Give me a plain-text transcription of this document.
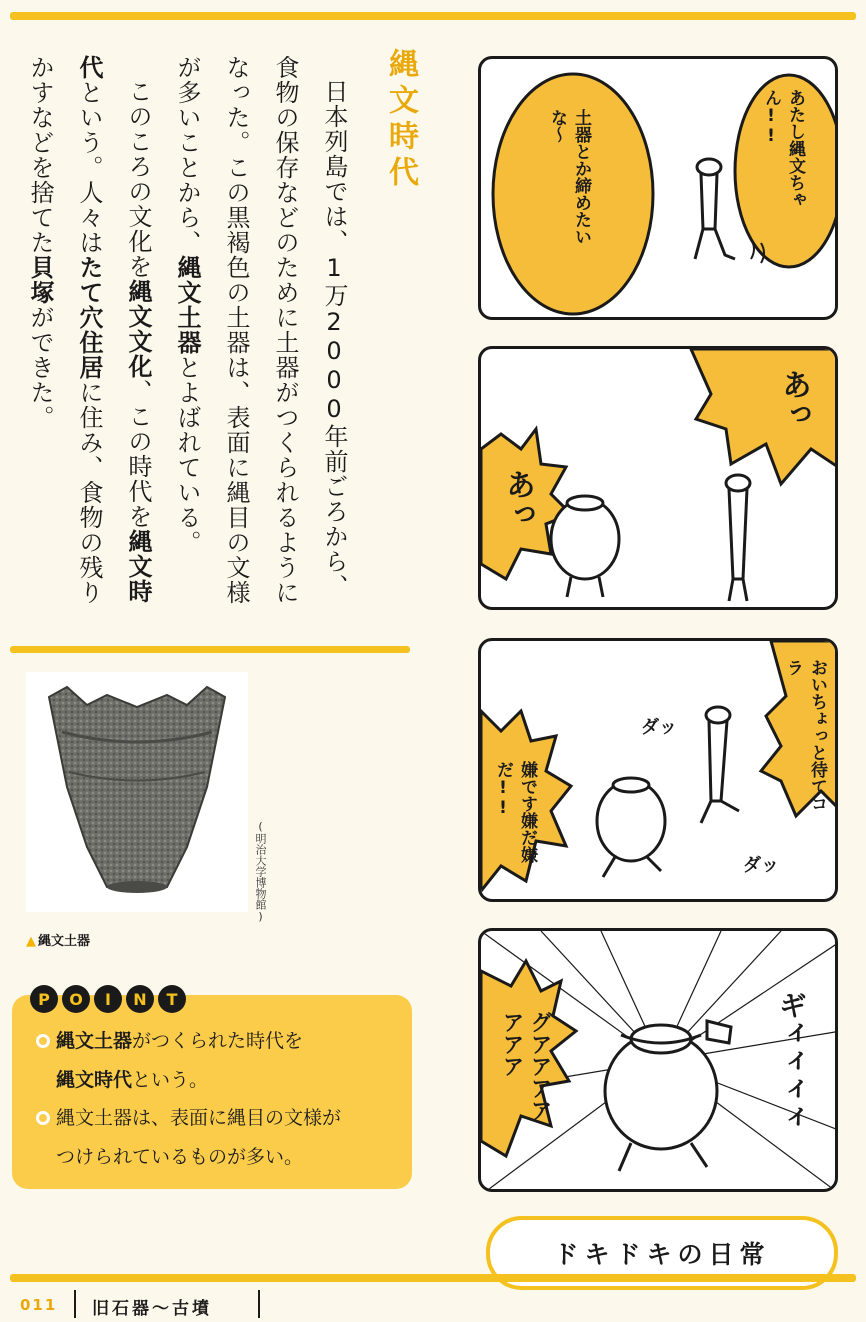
縄文時代
日本列島では、1万2000年前ごろから、食物の保存などのために土器がつくられるようになった。この黒褐色の土器は、表面に縄目の文様が多いことから、縄文土器とよばれている。
このころの文化を縄文文化、この時代を縄文時代という。人々はたて穴住居に住み、食物の残りかすなどを捨てた貝塚ができた。
(明治大学博物館)
▲ 縄文土器
縄文土器がつくられた時代を
縄文時代という。
縄文土器は、表面に縄目の文様が
つけられているものが多い。
P	O	I	N	T
あたし縄文ちゃん!!
土器とか締めたいな〜
あっ
あっ
おいちょっと待てコラ
嫌です嫌だ嫌だ!!
ダッ
ダッ
グアアアアアアア	ギィィィィ
ドキドキの日常
011 旧石器〜古墳
